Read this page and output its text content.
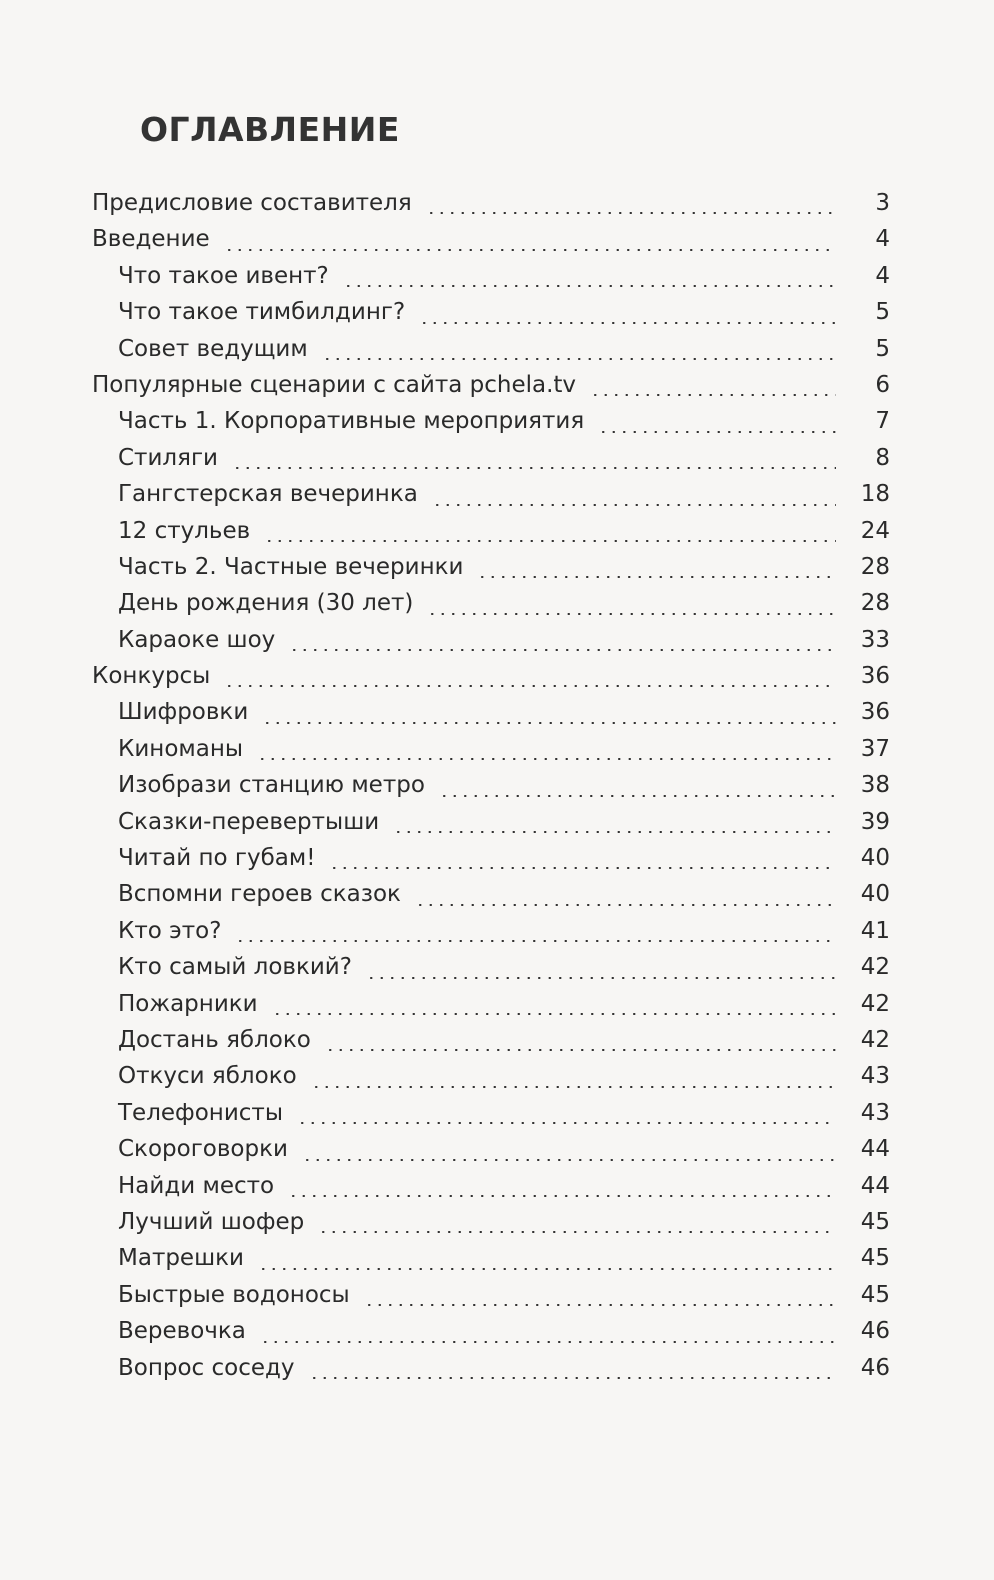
ОГЛАВЛЕНИЕ
Предисловие составителя	3
Введение	4
Что такое ивент?	4
Что такое тимбилдинг?	5
Совет ведущим	5
Популярные сценарии с сайта pchela.tv	6
Часть 1. Корпоративные мероприятия	7
Стиляги	8
Гангстерская вечеринка	18
12 стульев	24
Часть 2. Частные вечеринки	28
День рождения (30 лет)	28
Караоке шоу	33
Конкурсы	36
Шифровки	36
Киноманы	37
Изобрази станцию метро	38
Сказки-перевертыши	39
Читай по губам!	40
Вспомни героев сказок	40
Кто это?	41
Кто самый ловкий?	42
Пожарники	42
Достань яблоко	42
Откуси яблоко	43
Телефонисты	43
Скороговорки	44
Найди место	44
Лучший шофер	45
Матрешки	45
Быстрые водоносы	45
Веревочка	46
Вопрос соседу	46
